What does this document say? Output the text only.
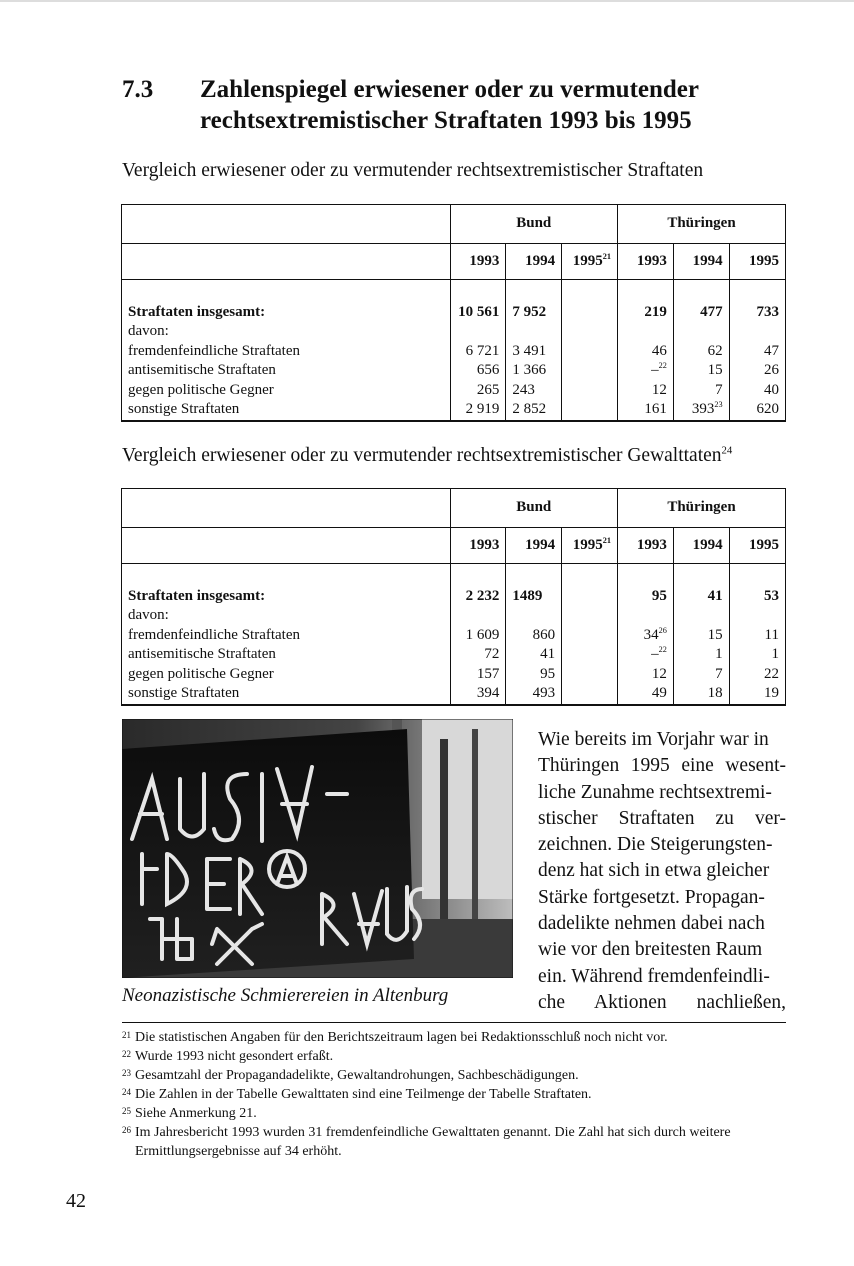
7.3 Zahlenspiegel erwiesener oder zu vermutender
rechtsextremistischer Straftaten 1993 bis 1995
Vergleich erwiesener oder zu vermutender rechtsextremistischer Straftaten
	Bund			Thüringen		
	1993	1994	1995$^{21}$	1993	1994	1995
Straftaten insgesamt:	10 561	7 952		219	477	733
davon:						
fremdenfeindliche Straftaten	6 721	3 491		46	62	47
antisemitische Straftaten	656	1 366		–$^{22}$	15	26
gegen politische Gegner	265	243		12	7	40
sonstige Straftaten	2 919	2 852		161	$393^{23}$	620
Vergleich erwiesener oder zu vermutender rechtsextremistischer Gewalttaten$^{24}$
	Bund			Thüringen		
	1993	1994	1995$^{21}$	1993	1994	1995
Straftaten insgesamt:	2 232	1489		95	41	53
davon:						
fremdenfeindliche Straftaten	1 609	860		$34^{26}$	15	11
antisemitische Straftaten	72	41		–$^{22}$	1	1
gegen politische Gegner	157	95		12	7	22
sonstige Straftaten	394	493		49	18	19
Neonazistische Schmierereien in Altenburg
Wie bereits im Vorjahr war in
Thüringen 1995 eine wesent-
liche Zunahme rechtsextremi-
stischer Straftaten zu ver-
zeichnen. Die Steigerungsten-
denz hat sich in etwa gleicher
Stärke fortgesetzt. Propagan-
dadelikte nehmen dabei nach
wie vor den breitesten Raum
ein. Während fremdenfeindli-
che Aktionen nachließen,

21 Die statistischen Angaben für den Berichtszeitraum lagen bei Redaktionsschluß noch nicht vor.

22 Wurde 1993 nicht gesondert erfaßt.

23 Gesamtzahl der Propagandadelikte, Gewaltandrohungen, Sachbeschädigungen.

24 Die Zahlen in der Tabelle Gewalttaten sind eine Teilmenge der Tabelle Straftaten.

25 Siehe Anmerkung 21.

26 Im Jahresbericht 1993 wurden 31 fremdenfeindliche Gewalttaten genannt. Die Zahl hat sich durch weitere Ermittlungsergebnisse auf 34 erhöht.

42
